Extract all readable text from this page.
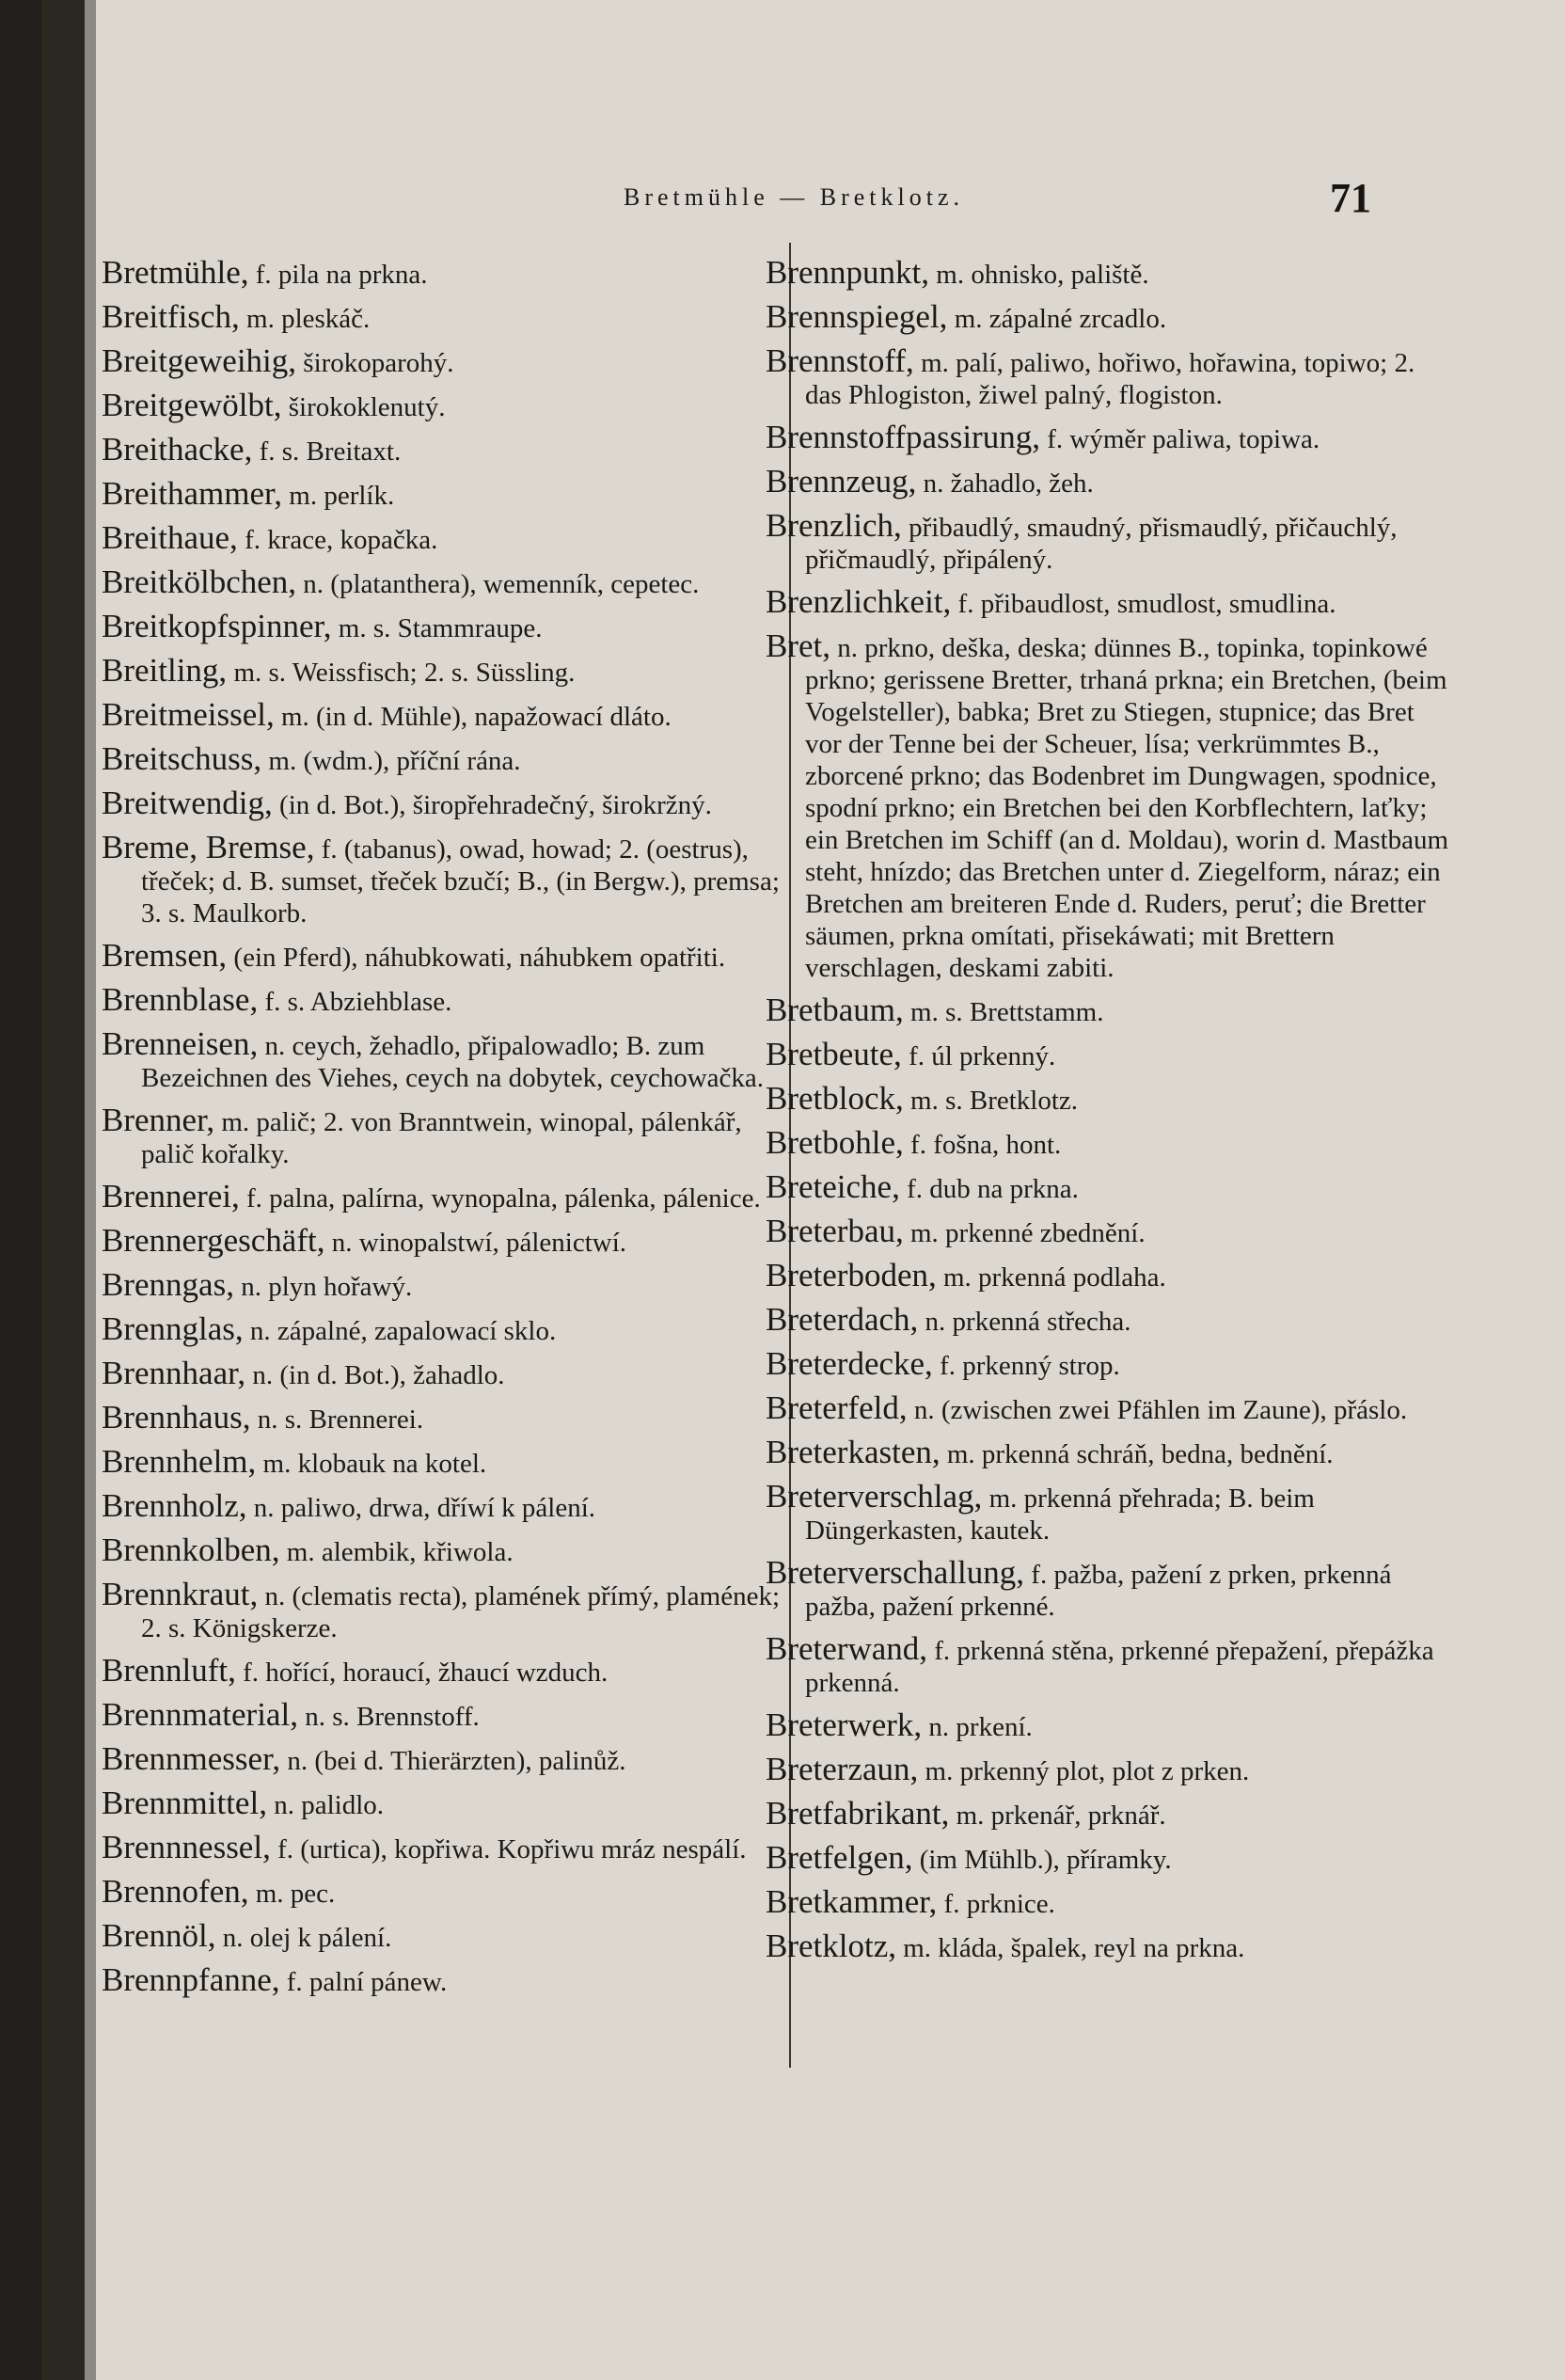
Bretmühle — Bretklotz.	71
Bretmühle, f. pila na prkna.
Breitfisch, m. pleskáč.
Breitgeweihig, širokoparohý.
Breitgewölbt, širokoklenutý.
Breithacke, f. s. Breitaxt.
Breithammer, m. perlík.
Breithaue, f. krace, kopačka.
Breitkölbchen, n. (platanthera), wemenník, cepetec.
Breitkopfspinner, m. s. Stammraupe.
Breitling, m. s. Weissfisch; 2. s. Süssling.
Breitmeissel, m. (in d. Mühle), napažowací dláto.
Breitschuss, m. (wdm.), příční rána.
Breitwendig, (in d. Bot.), širopřehradečný, širokržný.
Breme, Bremse, f. (tabanus), owad, howad; 2. (oestrus), třeček; d. B. sumset, třeček bzučí; B., (in Bergw.), premsa; 3. s. Maulkorb.
Bremsen, (ein Pferd), náhubkowati, náhubkem opatřiti.
Brennblase, f. s. Abziehblase.
Brenneisen, n. ceych, žehadlo, připalowadlo; B. zum Bezeichnen des Viehes, ceych na dobytek, ceychowačka.
Brenner, m. palič; 2. von Branntwein, winopal, pálenkář, palič kořalky.
Brennerei, f. palna, palírna, wynopalna, pálenka, pálenice.
Brennergeschäft, n. winopalstwí, pálenictwí.
Brenngas, n. plyn hořawý.
Brennglas, n. zápalné, zapalowací sklo.
Brennhaar, n. (in d. Bot.), žahadlo.
Brennhaus, n. s. Brennerei.
Brennhelm, m. klobauk na kotel.
Brennholz, n. paliwo, drwa, dříwí k pálení.
Brennkolben, m. alembik, křiwola.
Brennkraut, n. (clematis recta), plamének přímý, plamének; 2. s. Königskerze.
Brennluft, f. hořící, horaucí, žhaucí wzduch.
Brennmaterial, n. s. Brennstoff.
Brennmesser, n. (bei d. Thierärzten), palinůž.
Brennmittel, n. palidlo.
Brennnessel, f. (urtica), kopřiwa. Kopřiwu mráz nespálí.
Brennofen, m. pec.
Brennöl, n. olej k pálení.
Brennpfanne, f. palní pánew.
Brennpunkt, m. ohnisko, paliště.
Brennspiegel, m. zápalné zrcadlo.
Brennstoff, m. palí, paliwo, hořiwo, hořawina, topiwo; 2. das Phlogiston, žiwel palný, flogiston.
Brennstoffpassirung, f. wýměr paliwa, topiwa.
Brennzeug, n. žahadlo, žeh.
Brenzlich, přibaudlý, smaudný, přismaudlý, přičauchlý, přičmaudlý, připálený.
Brenzlichkeit, f. přibaudlost, smudlost, smudlina.
Bret, n. prkno, deška, deska; dünnes B., topinka, topinkowé prkno; gerissene Bretter, trhaná prkna; ein Bretchen, (beim Vogelsteller), babka; Bret zu Stiegen, stupnice; das Bret vor der Tenne bei der Scheuer, lísa; verkrümmtes B., zborcené prkno; das Bodenbret im Dungwagen, spodnice, spodní prkno; ein Bretchen bei den Korbflechtern, laťky; ein Bretchen im Schiff (an d. Moldau), worin d. Mastbaum steht, hnízdo; das Bretchen unter d. Ziegelform, náraz; ein Bretchen am breiteren Ende d. Ruders, peruť; die Bretter säumen, prkna omítati, přisekáwati; mit Brettern verschlagen, deskami zabiti.
Bretbaum, m. s. Brettstamm.
Bretbeute, f. úl prkenný.
Bretblock, m. s. Bretklotz.
Bretbohle, f. fošna, hont.
Breteiche, f. dub na prkna.
Breterbau, m. prkenné zbednění.
Breterboden, m. prkenná podlaha.
Breterdach, n. prkenná střecha.
Breterdecke, f. prkenný strop.
Breterfeld, n. (zwischen zwei Pfählen im Zaune), přáslo.
Breterkasten, m. prkenná schráň, bedna, bednění.
Breterverschlag, m. prkenná přehrada; B. beim Düngerkasten, kautek.
Breterverschallung, f. pažba, pažení z prken, prkenná pažba, pažení prkenné.
Breterwand, f. prkenná stěna, prkenné přepažení, přepážka prkenná.
Breterwerk, n. prkení.
Breterzaun, m. prkenný plot, plot z prken.
Bretfabrikant, m. prkenář, prknář.
Bretfelgen, (im Mühlb.), příramky.
Bretkammer, f. prknice.
Bretklotz, m. kláda, špalek, reyl na prkna.
